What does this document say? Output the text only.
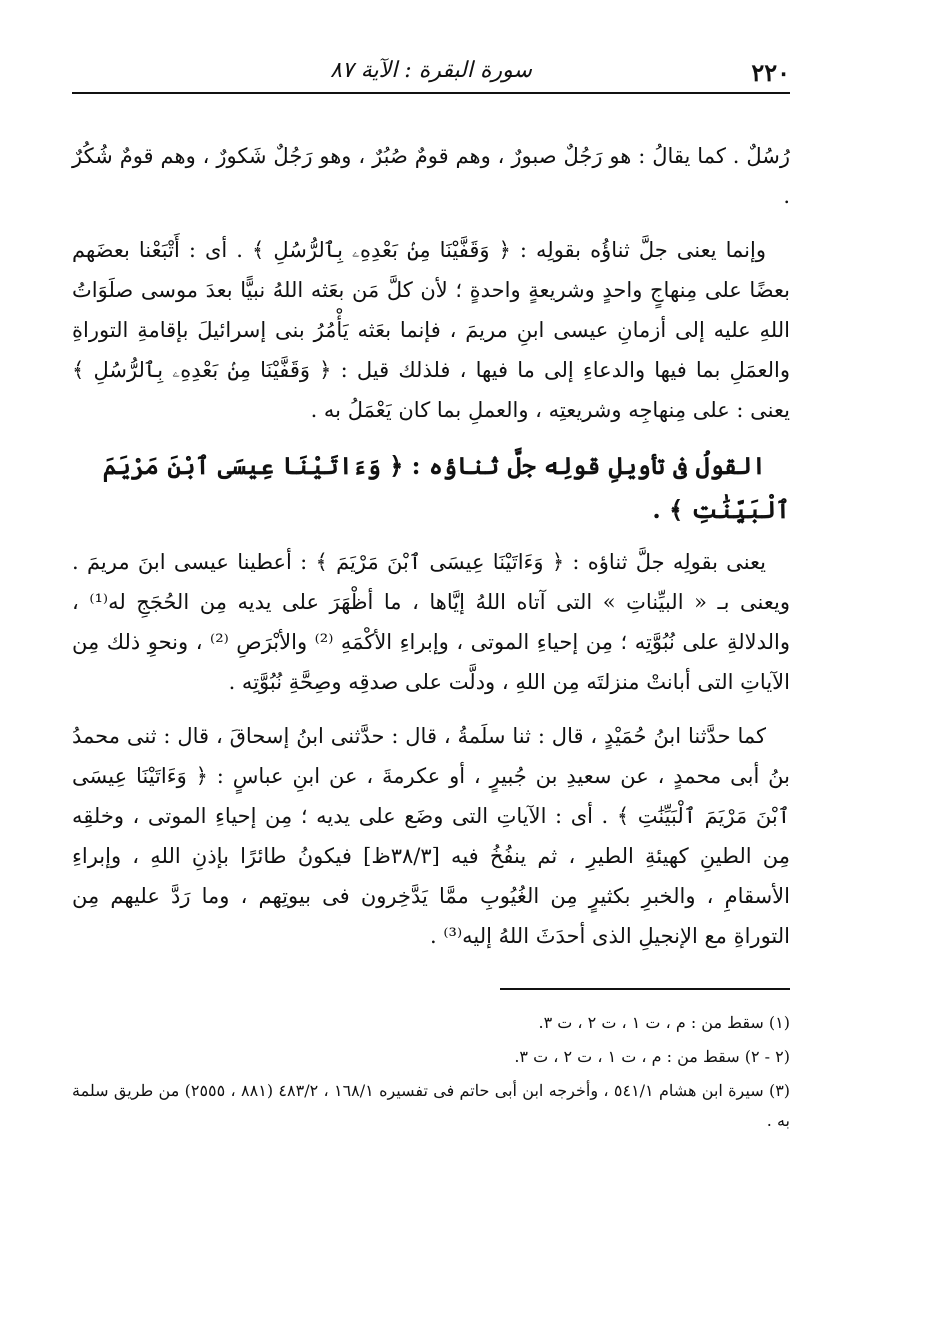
٢٢٠
سورة البقرة : الآية ٨٧

رُسُلٌ . كما يقالُ : هو رَجُلٌ صبورٌ ، وهم قومٌ صُبُرٌ ، وهو رَجُلٌ شَكورٌ ، وهم قومٌ شُكُرٌ .

وإنما يعنى جلَّ ثناؤُه بقولِه : ﴿ وَقَفَّيْنَا مِنۢ بَعْدِهِۦ بِٱلرُّسُلِ ﴾ . أى : أَتْبَعْنا بعضَهم بعضًا على مِنهاجٍ واحدٍ وشريعةٍ واحدةٍ ؛ لأن كلَّ مَن بعَثه اللهُ نبيًّا بعدَ موسى صلَوَاتُ اللهِ عليه إلى أزمانِ عيسى ابنِ مريمَ ، فإنما بعَثه يَأْمُرُ بنى إسرائيلَ بإقامةِ التوراةِ والعمَلِ بما فيها والدعاءِ إلى ما فيها ، فلذلك قيل : ﴿ وَقَفَّيْنَا مِنۢ بَعْدِهِۦ بِٱلرُّسُلِ ﴾ يعنى : على مِنهاجِه وشريعتِه ، والعملِ بما كان يَعْمَلُ به .

القولُ فى تأويلِ قولِه جلَّ ثناؤه : ﴿ وَءَاتَيْنَا عِيسَى ٱبْنَ مَرْيَمَ ٱلْبَيِّنَٰتِ ﴾ .

يعنى بقولِه جلَّ ثناؤه : ﴿ وَءَاتَيْنَا عِيسَى ٱبْنَ مَرْيَمَ ﴾ : أعطينا عيسى ابنَ مريمَ . ويعنى بـ « البيِّناتِ » التى آتاه اللهُ إيَّاها ، ما أظْهَرَ على يديه مِن الحُجَجِ له⁽¹⁾ ، والدلالةِ على نُبُوَّتِه ؛ مِن إحياءِ الموتى ، وإبراءِ الأكْمَهِ ⁽²⁾ والأبْرَصِ ⁽²⁾ ، ونحوِ ذلك مِن الآياتِ التى أبانتْ منزلتَه مِن اللهِ ، ودلَّت على صدقِه وصِحَّةِ نُبُوَّتِه .

كما حدَّثنا ابنُ حُمَيْدٍ ، قال : ثنا سلَمةُ ، قال : حدَّثنى ابنُ إسحاقَ ، قال : ثنى محمدُ بنُ أبى محمدٍ ، عن سعيدِ بن جُبيرٍ ، أو عكرمةَ ، عن ابنِ عباسٍ : ﴿ وَءَاتَيْنَا عِيسَى ٱبْنَ مَرْيَمَ ٱلْبَيِّنَٰتِ ﴾ . أى : الآياتِ التى وضَع على يديه ؛ مِن إحياءِ الموتى ، وخلقِه مِن الطينِ كهيئةِ الطيرِ ، ثم ينفُخُ فيه [٣٨/٣ظ] فيكونُ طائرًا بإذنِ اللهِ ، وإبراءِ الأسقامِ ، والخبرِ بكثيرٍ مِن الغُيُوبِ ممَّا يَدَّخِرون فى بيوتِهم ، وما رَدَّ عليهم مِن التوراةِ مع الإنجيلِ الذى أحدَثَ اللهُ إليه⁽³⁾ .

(١) سقط من : م ، ت ١ ، ت ٢ ، ت ٣.

(٢ - ٢) سقط من : م ، ت ١ ، ت ٢ ، ت ٣.

(٣) سيرة ابن هشام ٥٤١/١ ، وأخرجه ابن أبى حاتم فى تفسيره ١٦٨/١ ، ٤٨٣/٢ (٨٨١ ، ٢٥٥٥) من طريق سلمة به .
